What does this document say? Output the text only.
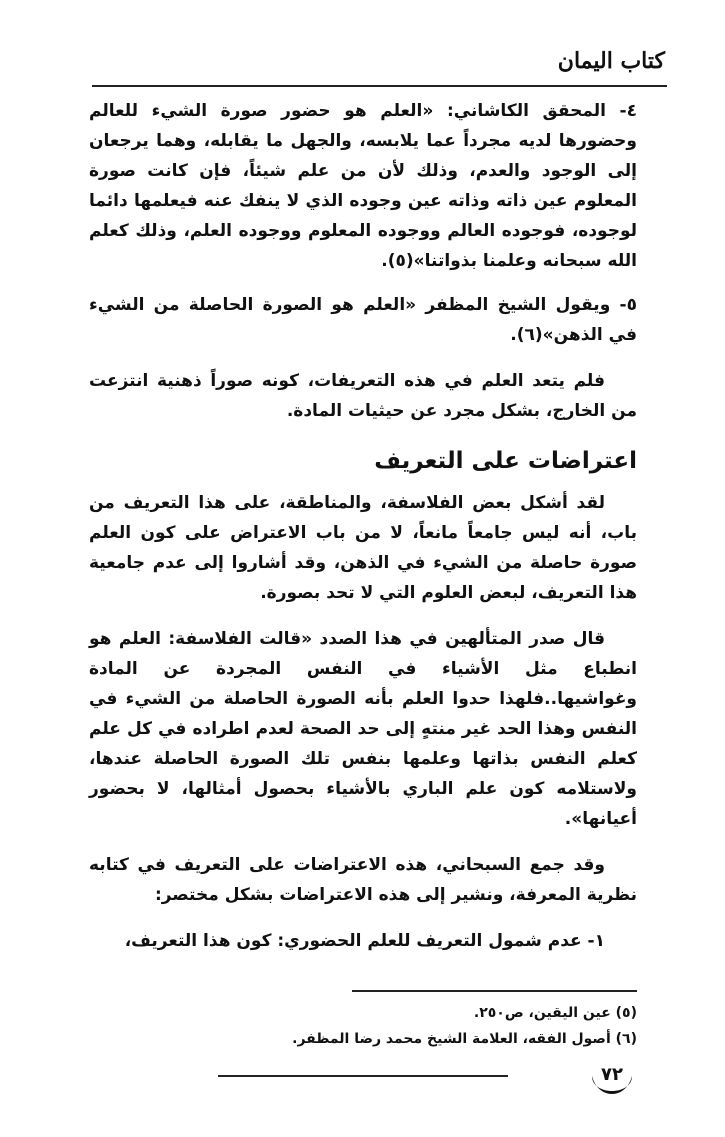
كتاب اليمان

٤- المحقق الكاشاني: «العلم هو حضور صورة الشيء للعالم وحضورها لديه مجرداً عما يلابسه، والجهل ما يقابله، وهما يرجعان إلى الوجود والعدم، وذلك لأن من علم شيئاً، فإن كانت صورة المعلوم عين ذاته وذاته عين وجوده الذي لا ينفك عنه فيعلمها دائما لوجوده، فوجوده العالم ووجوده المعلوم ووجوده العلم، وذلك كعلم الله سبحانه وعلمنا بذواتنا»(٥).

٥- ويقول الشيخ المظفر «العلم هو الصورة الحاصلة من الشيء في الذهن»(٦).

فلم يتعد العلم في هذه التعريفات، كونه صوراً ذهنية انتزعت من الخارج، بشكل مجرد عن حيثيات المادة.

اعتراضات على التعريف

لقد أشكل بعض الفلاسفة، والمناطقة، على هذا التعريف من باب، أنه ليس جامعاً مانعاً، لا من باب الاعتراض على كون العلم صورة حاصلة من الشيء في الذهن، وقد أشاروا إلى عدم جامعية هذا التعريف، لبعض العلوم التي لا تحد بصورة.

قال صدر المتألهين في هذا الصدد «قالت الفلاسفة: العلم هو انطباع مثل الأشياء في النفس المجردة عن المادة وغواشيها..فلهذا حدوا العلم بأنه الصورة الحاصلة من الشيء في النفس وهذا الحد غير منتهٍ إلى حد الصحة لعدم اطراده في كل علم كعلم النفس بذاتها وعلمها بنفس تلك الصورة الحاصلة عندها، ولاستلامه كون علم الباري بالأشياء بحصول أمثالها، لا بحضور أعيانها».

وقد جمع السبحاني، هذه الاعتراضات على التعريف في كتابه نظرية المعرفة، ونشير إلى هذه الاعتراضات بشكل مختصر:

١- عدم شمول التعريف للعلم الحضوري: كون هذا التعريف،

(٥) عين اليقين، ص٢٥٠.

(٦) أصول الفقه، العلامة الشيخ محمد رضا المظفر.

٧٢
